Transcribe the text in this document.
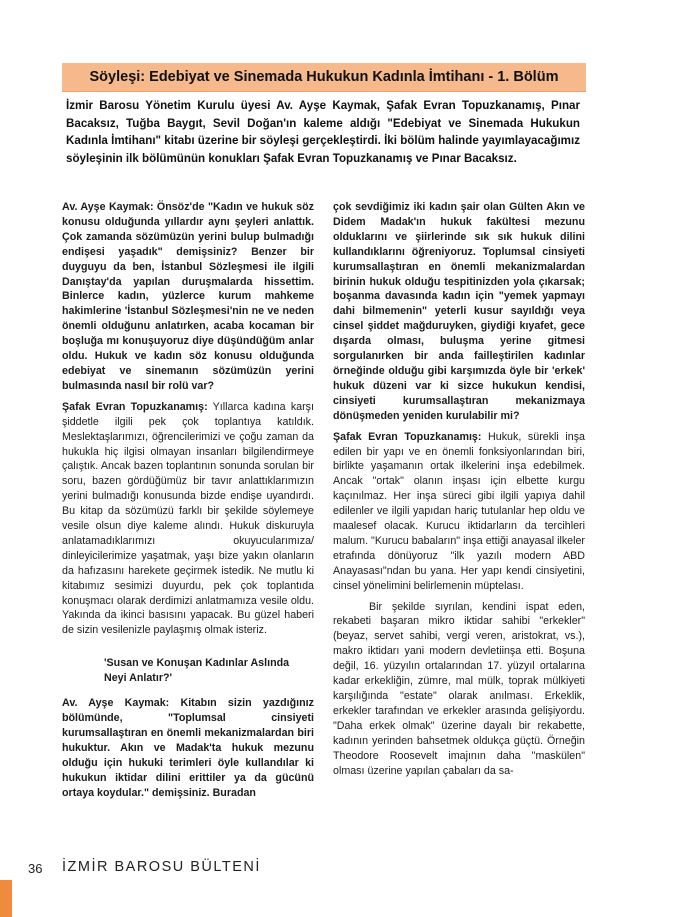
Söyleşi: Edebiyat ve Sinemada Hukukun Kadınla İmtihanı - 1. Bölüm

İzmir Barosu Yönetim Kurulu üyesi Av. Ayşe Kaymak, Şafak Evran Topuzkanamış, Pınar Bacaksız, Tuğba Baygıt, Sevil Doğan'ın kaleme aldığı "Edebiyat ve Sinemada Hukukun Kadınla İmtihanı" kitabı üzerine bir söyleşi gerçekleştirdi. İki bölüm halinde yayımlayacağımız söyleşinin ilk bölümünün konukları Şafak Evran Topuzkanamış ve Pınar Bacaksız.

Av. Ayşe Kaymak: Önsöz'de "Kadın ve hukuk söz konusu olduğunda yıllardır aynı şeyleri anlattık. Çok zamanda sözümüzün yerini bulup bulmadığı endişesi yaşadık" demişsiniz? Benzer bir duyguyu da ben, İstanbul Sözleşmesi ile ilgili Danıştay'da yapılan duruşmalarda hissettim. Binlerce kadın, yüzlerce kurum mahkeme hakimlerine 'İstanbul Sözleşmesi'nin ne ve neden önemli olduğunu anlatırken, acaba kocaman bir boşluğa mı konuşuyoruz diye düşündüğüm anlar oldu. Hukuk ve kadın söz konusu olduğunda edebiyat ve sinemanın sözümüzün yerini bulmasında nasıl bir rolü var?

Şafak Evran Topuzkanamış: Yıllarca kadına karşı şiddetle ilgili pek çok toplantıya katıldık. Meslektaşlarımızı, öğrencilerimizi ve çoğu zaman da hukukla hiç ilgisi olmayan insanları bilgilendirmeye çalıştık. Ancak bazen toplantının sonunda sorulan bir soru, bazen gördüğümüz bir tavır anlattıklarımızın yerini bulmadığı konusunda bizde endişe uyandırdı. Bu kitap da sözümüzü farklı bir şekilde söylemeye vesile olsun diye kaleme alındı. Hukuk diskuruyla anlatamadıklarımızı okuyucularımıza/ dinleyicilerimize yaşatmak, yaşı bize yakın olanların da hafızasını harekete geçirmek istedik. Ne mutlu ki kitabımız sesimizi duyurdu, pek çok toplantıda konuşmacı olarak derdimizi anlatmamıza vesile oldu. Yakında da ikinci basısını yapacak. Bu güzel haberi de sizin vesilenizle paylaşmış olmak isteriz.

'Susan ve Konuşan Kadınlar Aslında Neyi Anlatır?'

Av. Ayşe Kaymak: Kitabın sizin yazdığınız bölümünde, "Toplumsal cinsiyeti kurumsallaştıran en önemli mekanizmalardan biri hukuktur. Akın ve Madak'ta hukuk mezunu olduğu için hukuki terimleri öyle kullandılar ki hukukun iktidar dilini erittiler ya da gücünü ortaya koydular." demişsiniz. Buradan

çok sevdiğimiz iki kadın şair olan Gülten Akın ve Didem Madak'ın hukuk fakültesi mezunu olduklarını ve şiirlerinde sık sık hukuk dilini kullandıklarını öğreniyoruz. Toplumsal cinsiyeti kurumsallaştıran en önemli mekanizmalardan birinin hukuk olduğu tespitinizden yola çıkarsak; boşanma davasında kadın için "yemek yapmayı dahi bilmemenin" yeterli kusur sayıldığı veya cinsel şiddet mağduruyken, giydiği kıyafet, gece dışarda olması, buluşma yerine gitmesi sorgulanırken bir anda failleştirilen kadınlar örneğinde olduğu gibi karşımızda öyle bir 'erkek' hukuk düzeni var ki sizce hukukun kendisi, cinsiyeti kurumsallaştıran mekanizmaya dönüşmeden yeniden kurulabilir mi?

Şafak Evran Topuzkanamış: Hukuk, sürekli inşa edilen bir yapı ve en önemli fonksiyonlarından biri, birlikte yaşamanın ortak ilkelerini inşa edebilmek. Ancak "ortak" olanın inşası için elbette kurgu kaçınılmaz. Her inşa süreci gibi ilgili yapıya dahil edilenler ve ilgili yapıdan hariç tutulanlar hep oldu ve maalesef olacak. Kurucu iktidarların da tercihleri malum. "Kurucu babaların" inşa ettiği anayasal ilkeler etrafında dönüyoruz "ilk yazılı modern ABD Anayasası"ndan bu yana. Her yapı kendi cinsiyetini, cinsel yönelimini belirlemenin müptelası.

Bir şekilde sıyrılan, kendini ispat eden, rekabeti başaran mikro iktidar sahibi "erkekler" (beyaz, servet sahibi, vergi veren, aristokrat, vs.), makro iktidarı yani modern devletiinşa etti. Boşuna değil, 16. yüzyılın ortalarından 17. yüzyıl ortalarına kadar erkekliğin, zümre, mal mülk, toprak mülkiyeti karşılığında "estate" olarak anılması. Erkeklik, erkekler tarafından ve erkekler arasında gelişiyordu. "Daha erkek olmak" üzerine dayalı bir rekabette, kadının yerinden bahsetmek oldukça güçtü. Örneğin Theodore Roosevelt imajının daha "maskülen" olması üzerine yapılan çabaları da sa-

36 İZMİR BAROSU BÜLTENİ
